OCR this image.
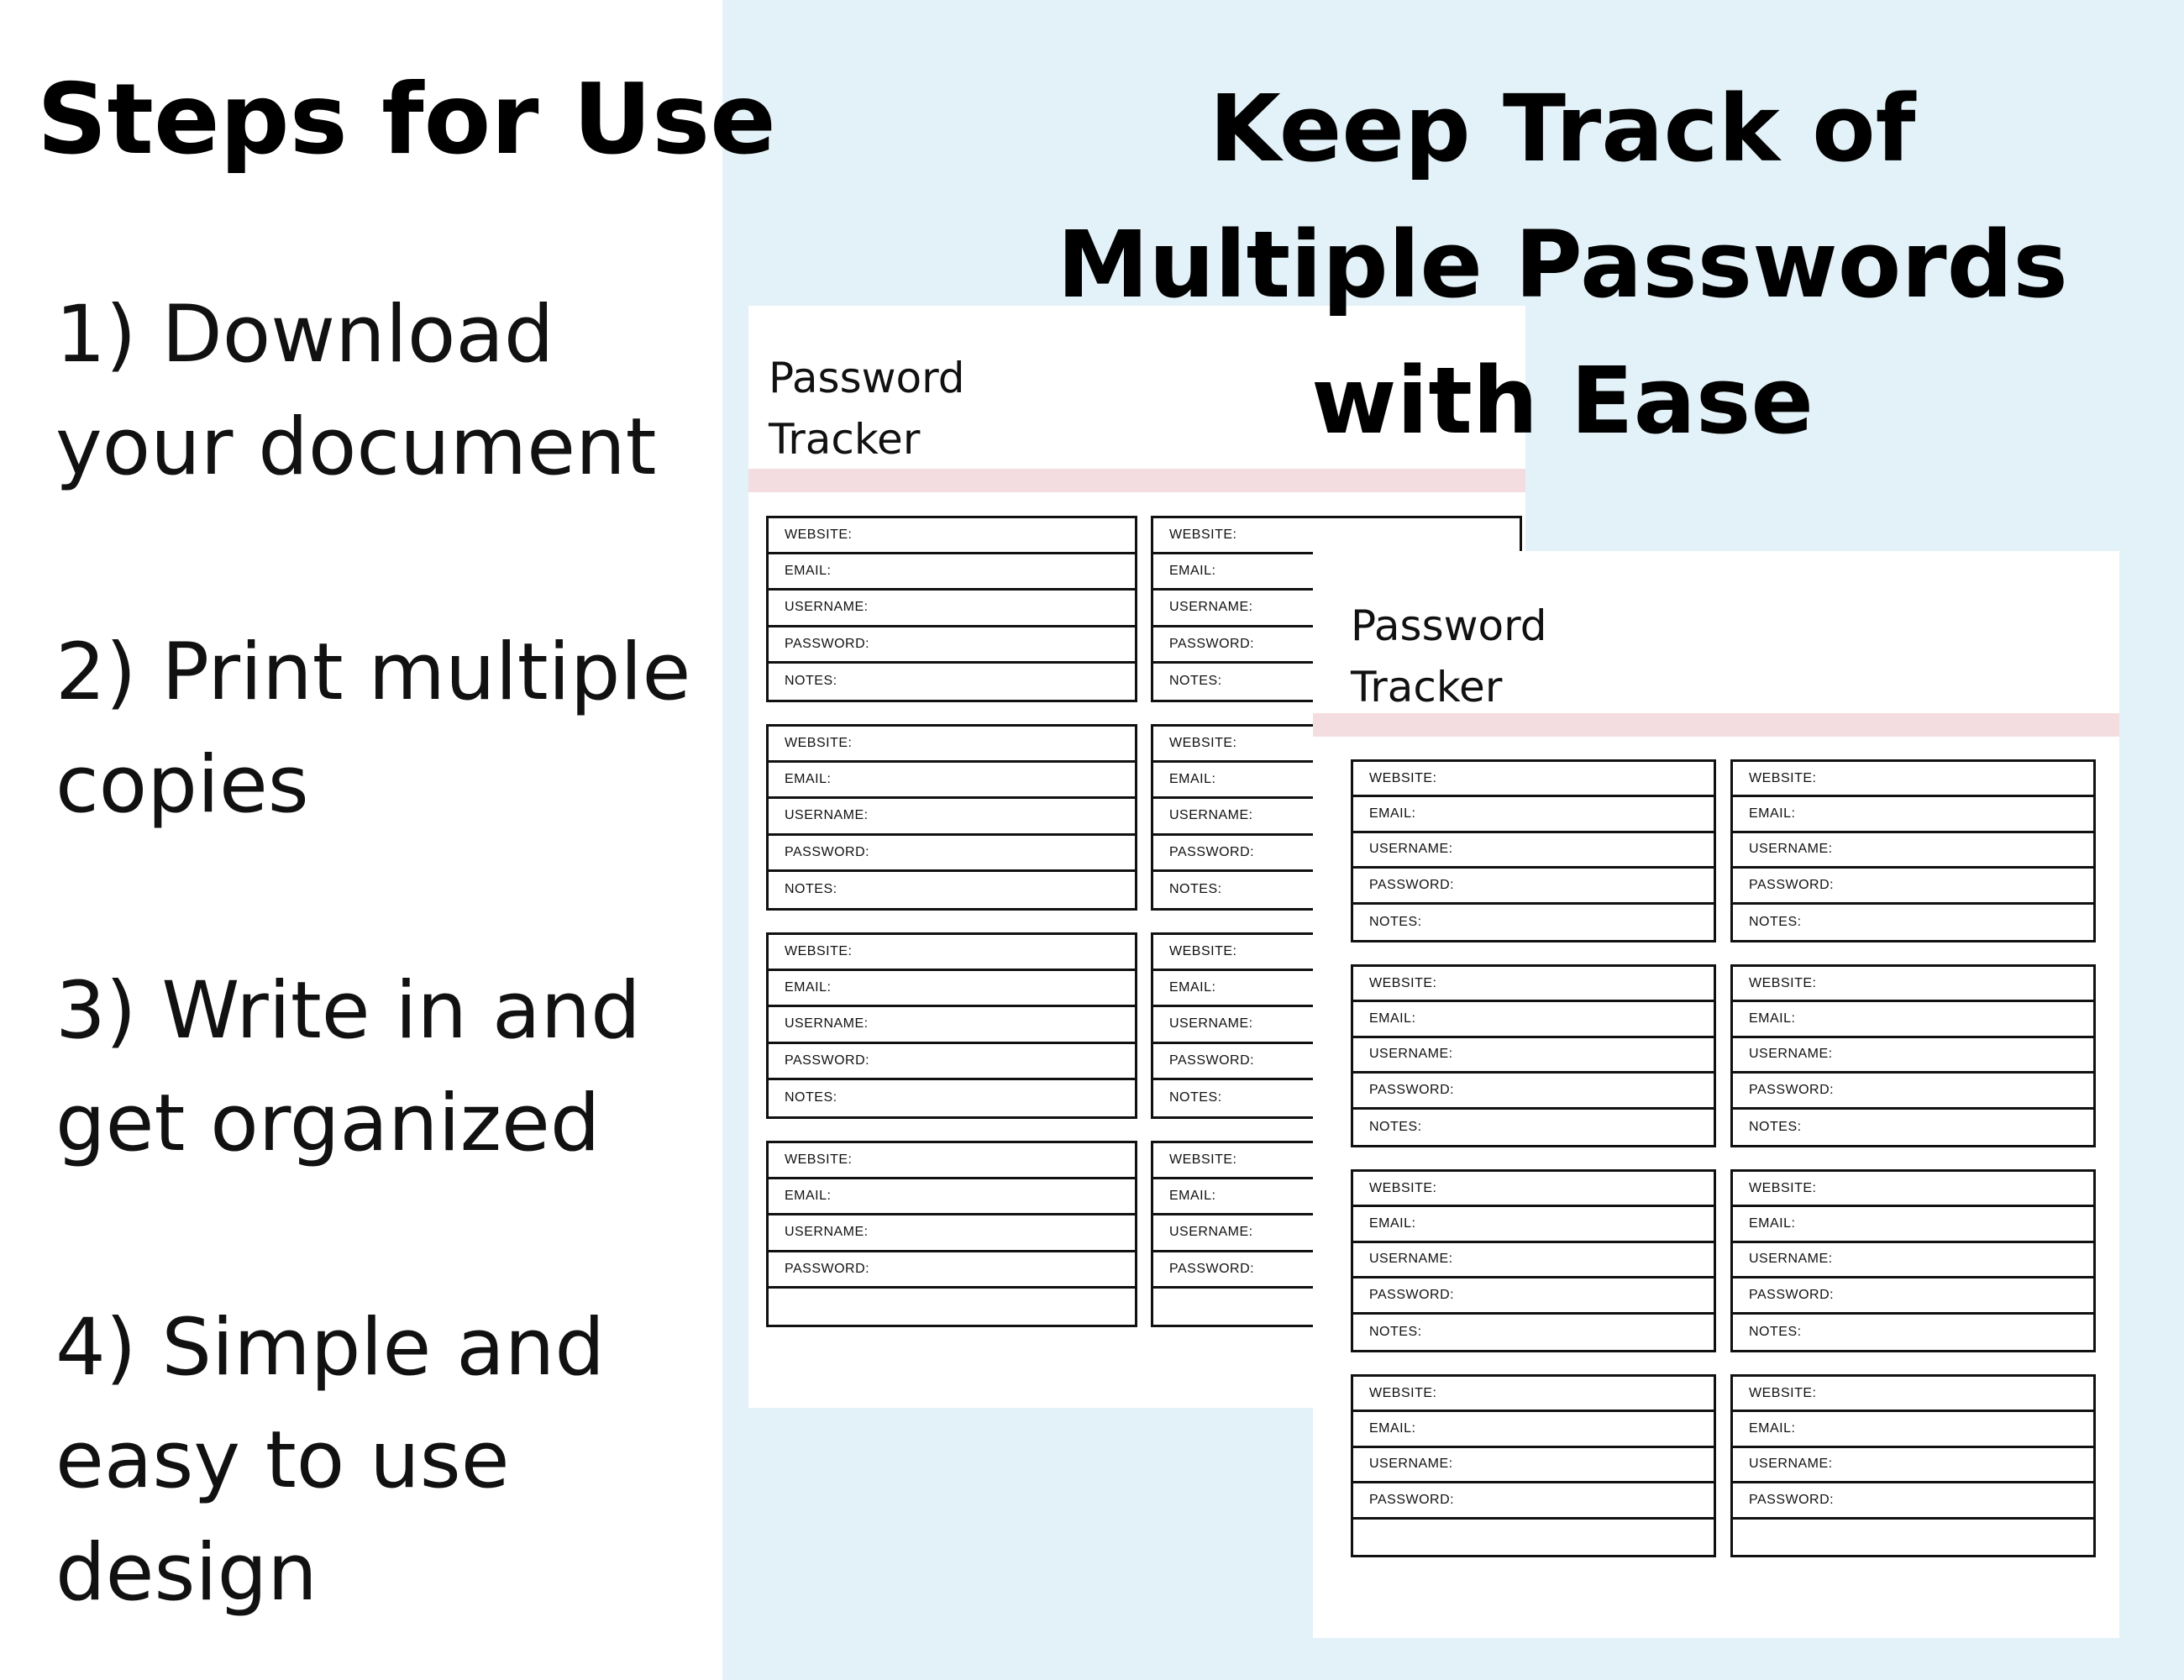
Steps for Use

1) Download
your document

2) Print multiple
copies

3) Write in and
get organized

4) Simple and
easy to use
design

Keep Track of
Multiple Passwords
with Ease
Password
Tracker
WEBSITE:
EMAIL:
USERNAME:
PASSWORD:
NOTES:
WEBSITE:
EMAIL:
USERNAME:
PASSWORD:
NOTES:
WEBSITE:
EMAIL:
USERNAME:
PASSWORD:
NOTES:
WEBSITE:
EMAIL:
USERNAME:
PASSWORD:
NOTES:
WEBSITE:
EMAIL:
USERNAME:
PASSWORD:
NOTES:
WEBSITE:
EMAIL:
USERNAME:
PASSWORD:
NOTES:
WEBSITE:
EMAIL:
USERNAME:
PASSWORD:
WEBSITE:
EMAIL:
USERNAME:
PASSWORD:
Password
Tracker
WEBSITE:
EMAIL:
USERNAME:
PASSWORD:
NOTES:
WEBSITE:
EMAIL:
USERNAME:
PASSWORD:
NOTES:
WEBSITE:
EMAIL:
USERNAME:
PASSWORD:
NOTES:
WEBSITE:
EMAIL:
USERNAME:
PASSWORD:
NOTES:
WEBSITE:
EMAIL:
USERNAME:
PASSWORD:
NOTES:
WEBSITE:
EMAIL:
USERNAME:
PASSWORD:
NOTES:
WEBSITE:
EMAIL:
USERNAME:
PASSWORD:
WEBSITE:
EMAIL:
USERNAME:
PASSWORD:
